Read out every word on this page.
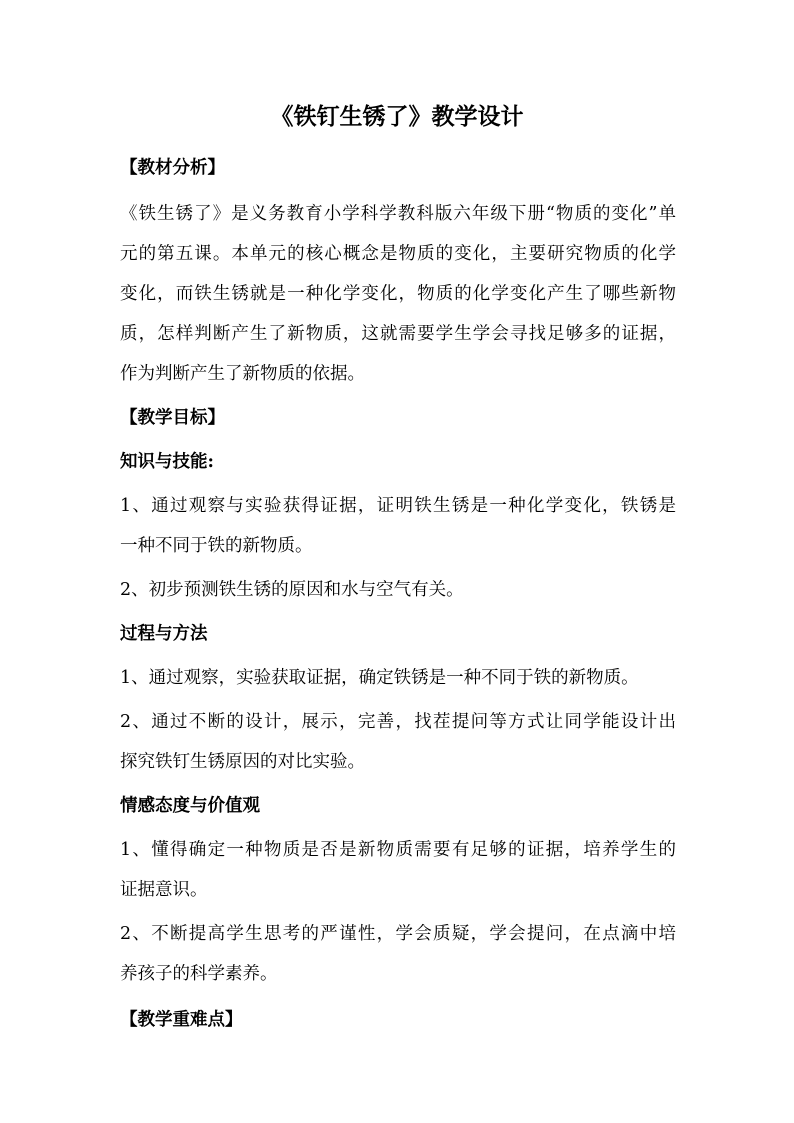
《铁钉生锈了》教学设计
【教材分析】
《铁生锈了》是义务教育小学科学教科版六年级下册“物质的变化”单
元的第五课。本单元的核心概念是物质的变化，主要研究物质的化学
变化，而铁生锈就是一种化学变化，物质的化学变化产生了哪些新物
质，怎样判断产生了新物质，这就需要学生学会寻找足够多的证据，
作为判断产生了新物质的依据。
【教学目标】
知识与技能:
1、通过观察与实验获得证据，证明铁生锈是一种化学变化，铁锈是
一种不同于铁的新物质。
2、初步预测铁生锈的原因和水与空气有关。
过程与方法
1、通过观察，实验获取证据，确定铁锈是一种不同于铁的新物质。
2、通过不断的设计，展示，完善，找茬提问等方式让同学能设计出
探究铁钉生锈原因的对比实验。
情感态度与价值观
1、懂得确定一种物质是否是新物质需要有足够的证据，培养学生的
证据意识。
2、不断提高学生思考的严谨性，学会质疑，学会提问，在点滴中培
养孩子的科学素养。
【教学重难点】
